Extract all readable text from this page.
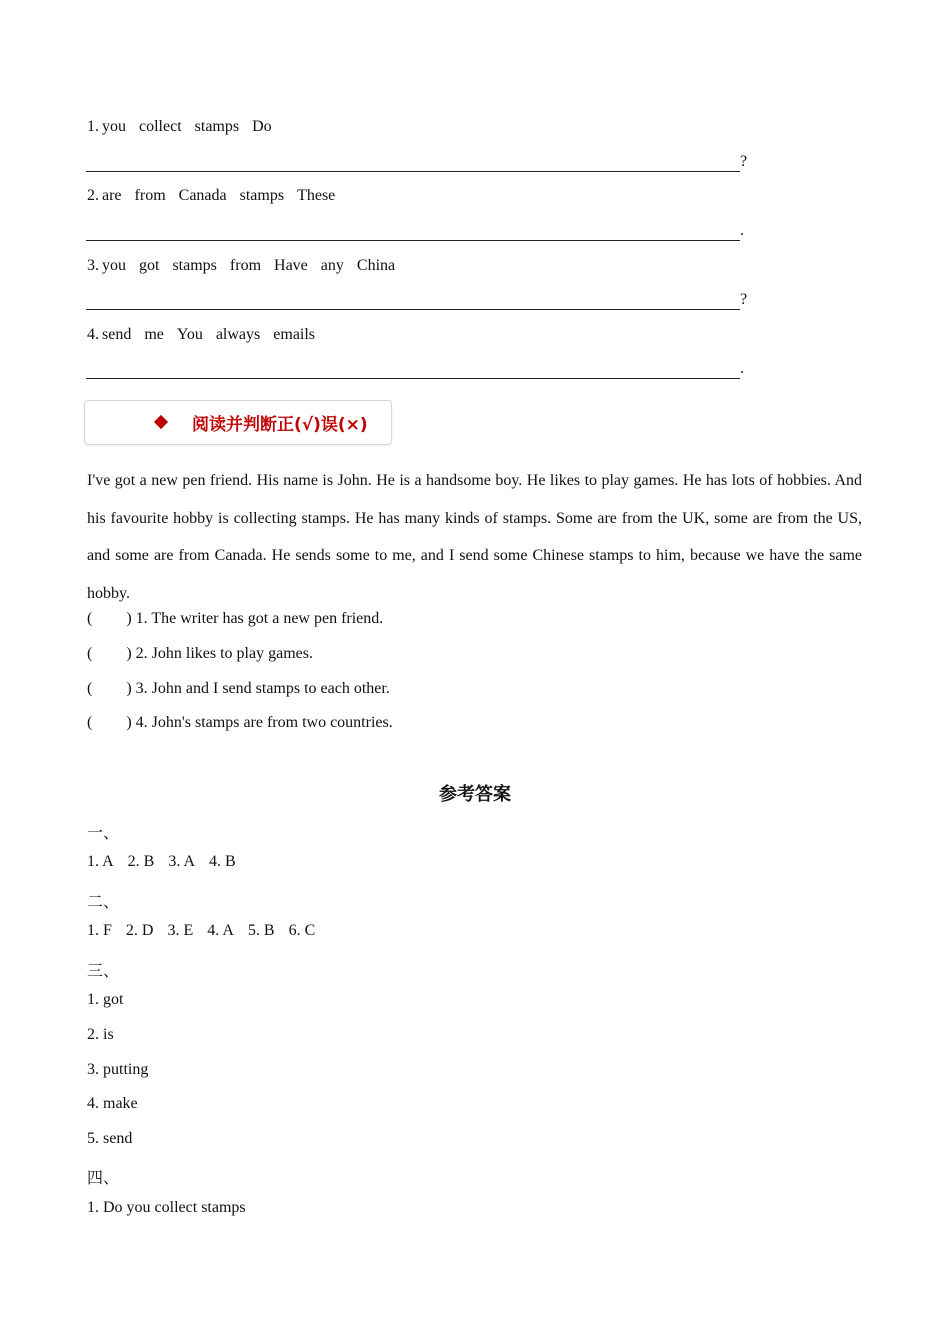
1. you collect stamps Do
?
2. are from Canada stamps These
.
3. you got stamps from Have any China
?
4. send me You always emails
.
阅读并判断正(√)误(×)
I've got a new pen friend. His name is John. He is a handsome boy. He likes to play games. He has lots of hobbies. And his favourite hobby is collecting stamps. He has many kinds of stamps. Some are from the UK, some are from the US, and some are from Canada. He sends some to me, and I send some Chinese stamps to him, because we have the same hobby.
( ) 1. The writer has got a new pen friend.
( ) 2. John likes to play games.
( ) 3. John and I send stamps to each other.
( ) 4. John's stamps are from two countries.
参考答案
一、
1. A 2. B 3. A 4. B
二、
1. F 2. D 3. E 4. A 5. B 6. C
三、
1. got
2. is
3. putting
4. make
5. send
四、
1. Do you collect stamps
